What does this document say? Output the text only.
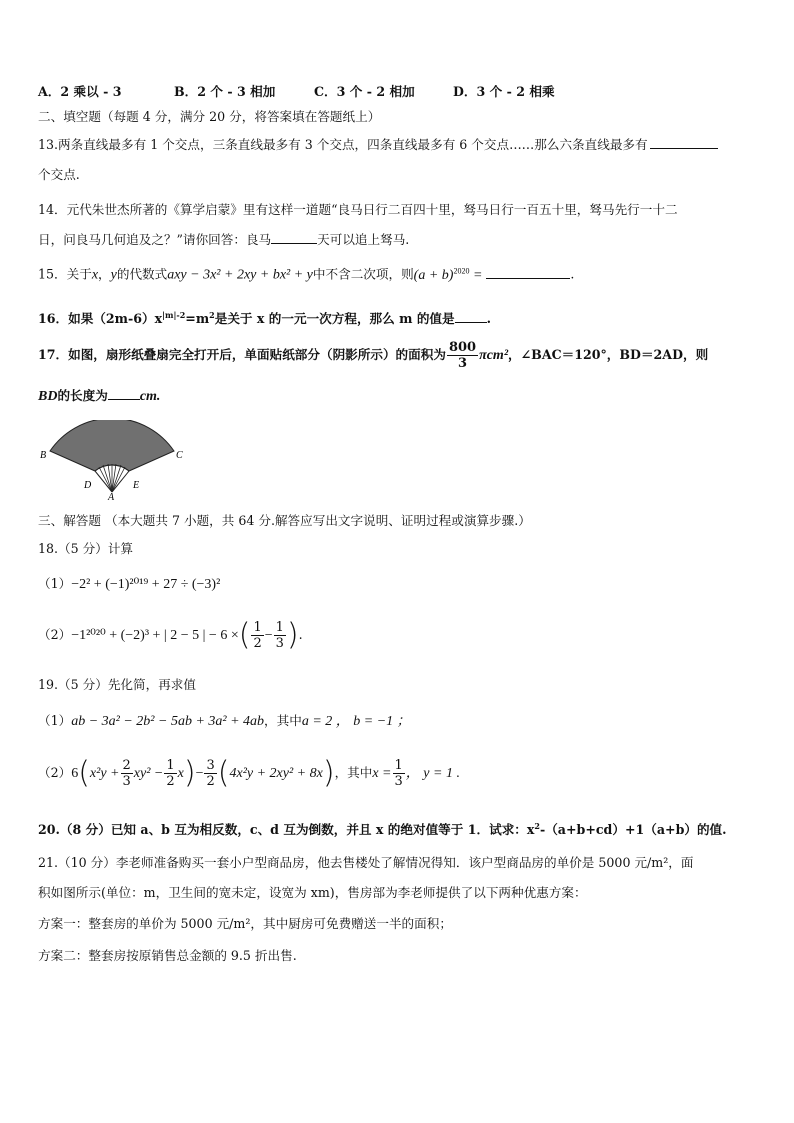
A．2 乘以 - 3	B．2 个 - 3 相加	C．3 个 - 2 相加	D．3 个 - 2 相乘
二、填空题（每题 4 分，满分 20 分，将答案填在答题纸上）
13.两条直线最多有 1 个交点，三条直线最多有 3 个交点，四条直线最多有 6 个交点……那么六条直线最多有
个交点.
14．元代朱世杰所著的《算学启蒙》里有这样一道题“良马日行二百四十里，驽马日行一百五十里，驽马先行一十二
日，问良马几何追及之？”请你回答：良马	天可以追上驽马.
15．关于x，y的代数式axy − 3x² + 2xy + bx² + y中不含二次项，则$(a + b)^{2020}$ =	.
16．如果$(2m-6)x^{|m|-2}=m^2$是关于 x 的一元一次方程，那么 m 的值是	.
17．如图，扇形纸叠扇完全打开后，单面贴纸部分（阴影所示）的面积为 $\frac{800}{3} \pi cm^2$，∠BAC＝120°，BD＝2AD，则
BD的长度为 cm.
B	C
D	E
A
三、解答题 （本大题共 7 小题，共 64 分.解答应写出文字说明、证明过程或演算步骤.）
18.（5 分）计算
（1）−2² + (−1)²⁰¹⁹ + 27 ÷ (−3)²
（2）−1²⁰²⁰ + (−2)³ + | 2 − 5 | − 6 ×( $\frac{1}{2} - \frac{1}{3}$ ).
19.（5 分）先化简，再求值
（1）ab − 3a² − 2b² − 5ab + 3a² + 4ab，其中a = 2 ， b = −1 ；
$(2)6(x^2y + \frac{2}{3} xy^2 - \frac{1}{2} x)- \frac{3}{2} (4x^2y + 2xy^2 + 8x)$，其中$x = \frac{1}{3}$ ， y = 1 .
20.（8 分）已知 a、b 互为相反数，c、d 互为倒数，并且 x 的绝对值等于 1．试求：$x^2-(a+b+cd)+1(a+b)$的值.
21.（10 分）李老师准备购买一套小户型商品房，他去售楼处了解情况得知．该户型商品房的单价是 5000 元/m²，面
积如图所示(单位：m，卫生间的宽未定，设宽为 xm)，售房部为李老师提供了以下两种优惠方案：
方案一：整套房的单价为 5000 元/m²，其中厨房可免费赠送一半的面积；
方案二：整套房按原销售总金额的 9.5 折出售.
